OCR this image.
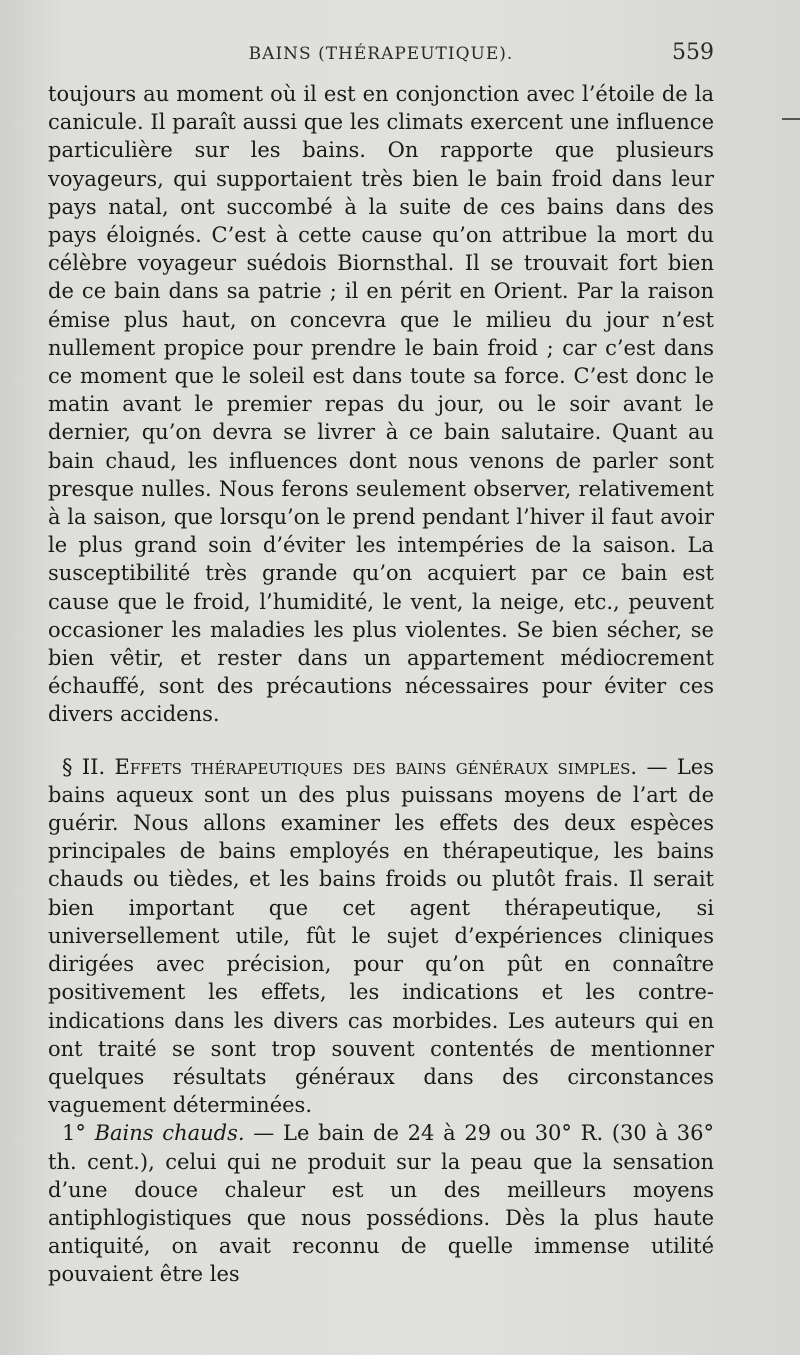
BAINS (THÉRAPEUTIQUE).	559

toujours au moment où il est en conjonction avec l’étoile de la canicule. Il paraît aussi que les climats exercent une influence particulière sur les bains. On rapporte que plusieurs voyageurs, qui supportaient très bien le bain froid dans leur pays natal, ont succombé à la suite de ces bains dans des pays éloignés. C’est à cette cause qu’on attribue la mort du célèbre voyageur suédois Biornsthal. Il se trouvait fort bien de ce bain dans sa patrie ; il en périt en Orient. Par la raison émise plus haut, on concevra que le milieu du jour n’est nullement propice pour prendre le bain froid ; car c’est dans ce moment que le soleil est dans toute sa force. C’est donc le matin avant le premier repas du jour, ou le soir avant le dernier, qu’on devra se livrer à ce bain salutaire. Quant au bain chaud, les influences dont nous venons de parler sont presque nulles. Nous ferons seulement observer, relativement à la saison, que lorsqu’on le prend pendant l’hiver il faut avoir le plus grand soin d’éviter les intempéries de la saison. La susceptibilité très grande qu’on acquiert par ce bain est cause que le froid, l’humidité, le vent, la neige, etc., peuvent occasioner les maladies les plus violentes. Se bien sécher, se bien vêtir, et rester dans un appartement médiocrement échauffé, sont des précautions nécessaires pour éviter ces divers accidens.

§ II. Effets thérapeutiques des bains généraux simples. — Les bains aqueux sont un des plus puissans moyens de l’art de guérir. Nous allons examiner les effets des deux espèces principales de bains employés en thérapeutique, les bains chauds ou tièdes, et les bains froids ou plutôt frais. Il serait bien important que cet agent thérapeutique, si universellement utile, fût le sujet d’expériences cliniques dirigées avec précision, pour qu’on pût en connaître positivement les effets, les indications et les contre-indications dans les divers cas morbides. Les auteurs qui en ont traité se sont trop souvent contentés de mentionner quelques résultats généraux dans des circonstances vaguement déterminées.

1° Bains chauds. — Le bain de 24 à 29 ou 30° R. (30 à 36° th. cent.), celui qui ne produit sur la peau que la sensation d’une douce chaleur est un des meilleurs moyens antiphlogistiques que nous possédions. Dès la plus haute antiquité, on avait reconnu de quelle immense utilité pouvaient être les
